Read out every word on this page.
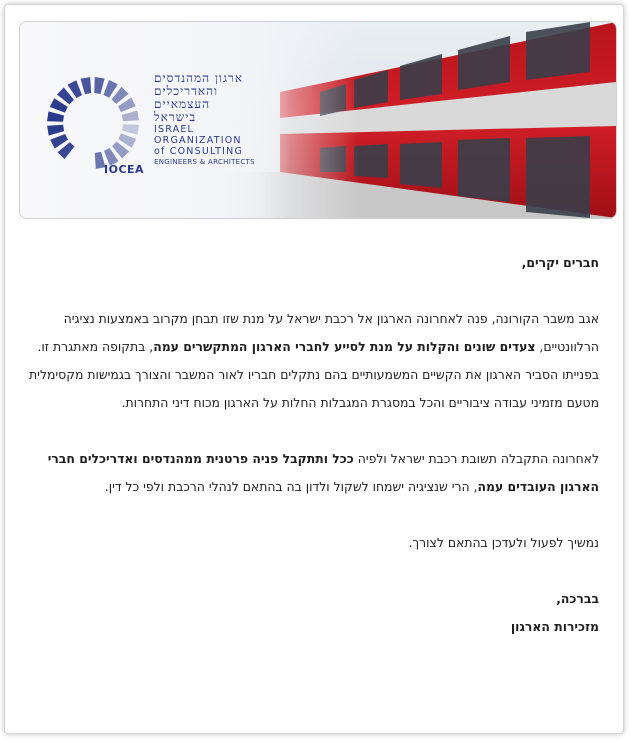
ארגון המהנדסים
והאדריכלים
העצמאיים
בישראל
ISRAEL
ORGANIZATION
of CONSULTING
ENGINEERS & ARCHITECTS
IOCEA

חברים יקרים,

אגב משבר הקורונה, פנה לאחרונה הארגון אל רכבת ישראל על מנת שזו תבחן מקרוב באמצעות נציגיה הרלוונטיים, צעדים שונים והקלות על מנת לסייע לחברי הארגון המתקשרים עמה, בתקופה מאתגרת זו.

בפנייתו הסביר הארגון את הקשיים המשמעותיים בהם נתקלים חבריו לאור המשבר והצורך בגמישות מקסימלית מטעם מזמיני עבודה ציבוריים והכל במסגרת המגבלות החלות על הארגון מכוח דיני התחרות.

לאחרונה התקבלה תשובת רכבת ישראל ולפיה ככל ותתקבל פניה פרטנית ממהנדסים ואדריכלים חברי הארגון העובדים עמה, הרי שנציגיה ישמחו לשקול ולדון בה בהתאם לנהלי הרכבת ולפי כל דין.

נמשיך לפעול ולעדכן בהתאם לצורך.

בברכה,

מזכירות הארגון
